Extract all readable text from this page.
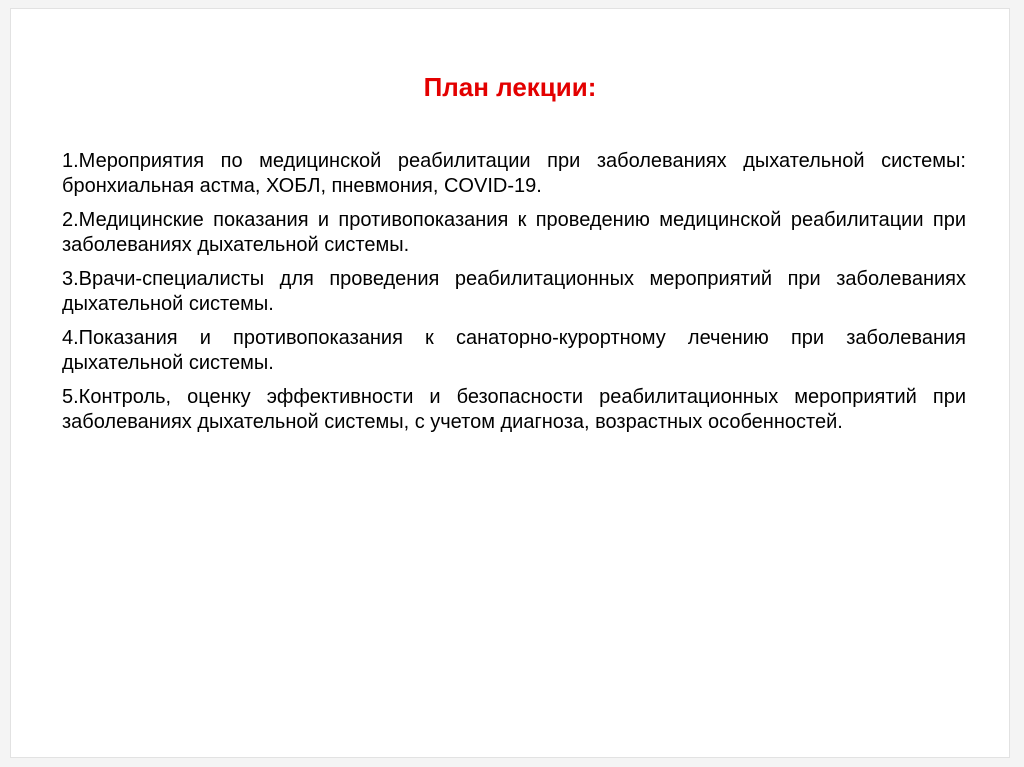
План лекции:

1.Мероприятия по медицинской реабилитации при заболеваниях дыхательной системы: бронхиальная астма, ХОБЛ, пневмония, COVID-19.

2.Медицинские показания и противопоказания к проведению медицинской реабилитации при заболеваниях дыхательной системы.

3.Врачи-специалисты для проведения реабилитационных мероприятий при заболеваниях дыхательной системы.

4.Показания и противопоказания к санаторно-курортному лечению при заболевания дыхательной системы.

5.Контроль, оценку эффективности и безопасности реабилитационных мероприятий при заболеваниях дыхательной системы, с учетом диагноза, возрастных особенностей.
